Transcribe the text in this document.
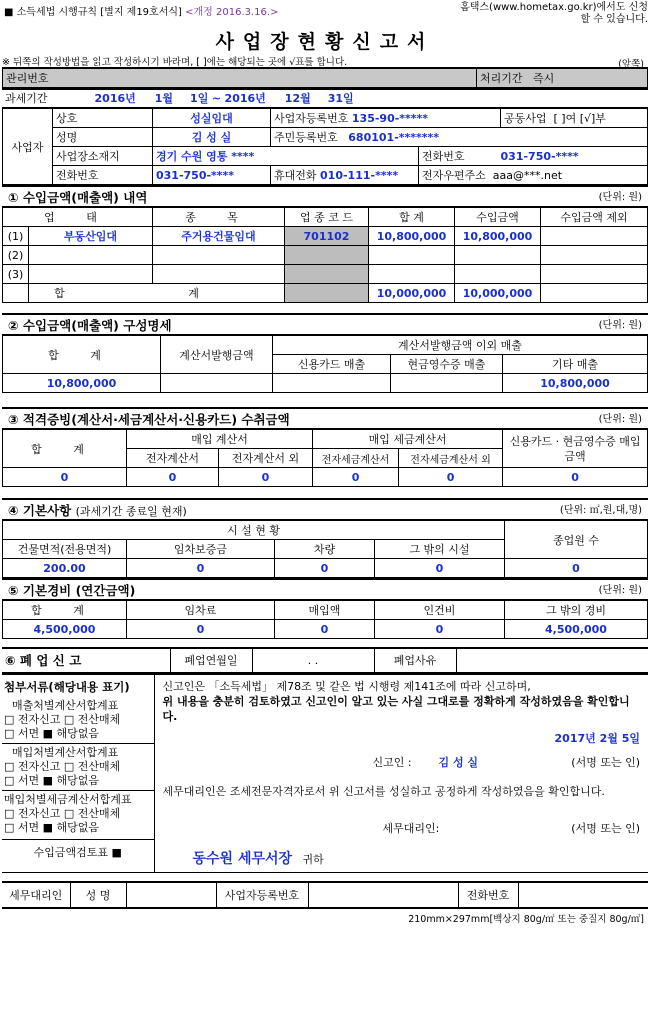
■ 소득세법 시행규칙 [별지 제19호서식] <개정 2016.3.16.>	홈택스(www.hometax.go.kr)에서도 신청할 수 있습니다.
사업장현황신고서
※ 뒤쪽의 작성방법을 읽고 작성하시기 바라며, [ ]에는 해당되는 곳에 √표를 합니다.	(앞쪽)
관리번호	처리기간 즉시
과세기간	2016년 1월 1일 ~ 2016년 12월 31일
사업자	상호	성실임대	사업자등록번호 135-90-*****		공동사업 [ ]여 [√]부
	성명	김 성 실	주민등록번호 680101-*******		
	사업장소재지	경기 수원 영통 ****		전화번호 031-750-****	
	전화번호	031-750-****	휴대전화 010-111-****	전자우편주소 aaa@***.net	
① 수입금액(매출액) 내역	(단위: 원)
업 태		종 목	업 종 코 드	합 계	수입금액	수입금액 제외
(1)	부동산임대	주거용건물임대	701102	10,800,000	10,800,000	
(2)						
(3)						
	합 계			10,000,000	10,000,000	
② 수입금액(매출액) 구성명세	(단위: 원)
합 계	계산서발행금액	계산서발행금액 이외 매출		
		신용카드 매출	현금영수증 매출	기타 매출
10,800,000				10,800,000
③ 적격증빙(계산서·세금계산서·신용카드) 수취금액	(단위: 원)
합 계	매입 계산서		매입 세금계산서		신용카드 · 현금영수증 매입금액
	전자계산서	전자계산서 외	전자세금계산서	전자세금계산서 외	
0	0	0	0	0	0
④ 기본사항 (과세기간 종료일 현재)	(단위: ㎡,원,대,명)
시 설 현 황				종업원 수
건물면적(전용면적)	임차보증금	차량	그 밖의 시설	
200.00	0	0	0	0
⑤ 기본경비 (연간금액)	(단위: 원)
합 계	임차료	매입액	인건비	그 밖의 경비
4,500,000	0	0	0	4,500,000
⑥ 폐 업 신 고	폐업연월일	. .	폐업사유	
첨부서류(해당내용 표기)
매출처별계산서합계표
□ 전자신고 □ 전산매체
□ 서면 ■ 해당없음
매입처별계산서합계표
□ 전자신고 □ 전산매체
□ 서면 ■ 해당없음
매입처별세금계산서합계표
□ 전자신고 □ 전산매체
□ 서면 ■ 해당없음
수입금액검토표 ■

신고인은 「소득세법」 제78조 및 같은 법 시행령 제141조에 따라 신고하며,
위 내용을 충분히 검토하였고 신고인이 알고 있는 사실 그대로를 정확하게 작성하였음을 확인합니다.
2017년 2월 5일
신고인 : 김 성 실	(서명 또는 인)
세무대리인은 조세전문자격자로서 위 신고서를 성실하고 공정하게 작성하였음을 확인합니다.
세무대리인:	(서명 또는 인)
동수원 세무서장 귀하
세무대리인	성 명		사업자등록번호		전화번호	
210mm×297mm[백상지 80g/㎡ 또는 중질지 80g/㎡]
